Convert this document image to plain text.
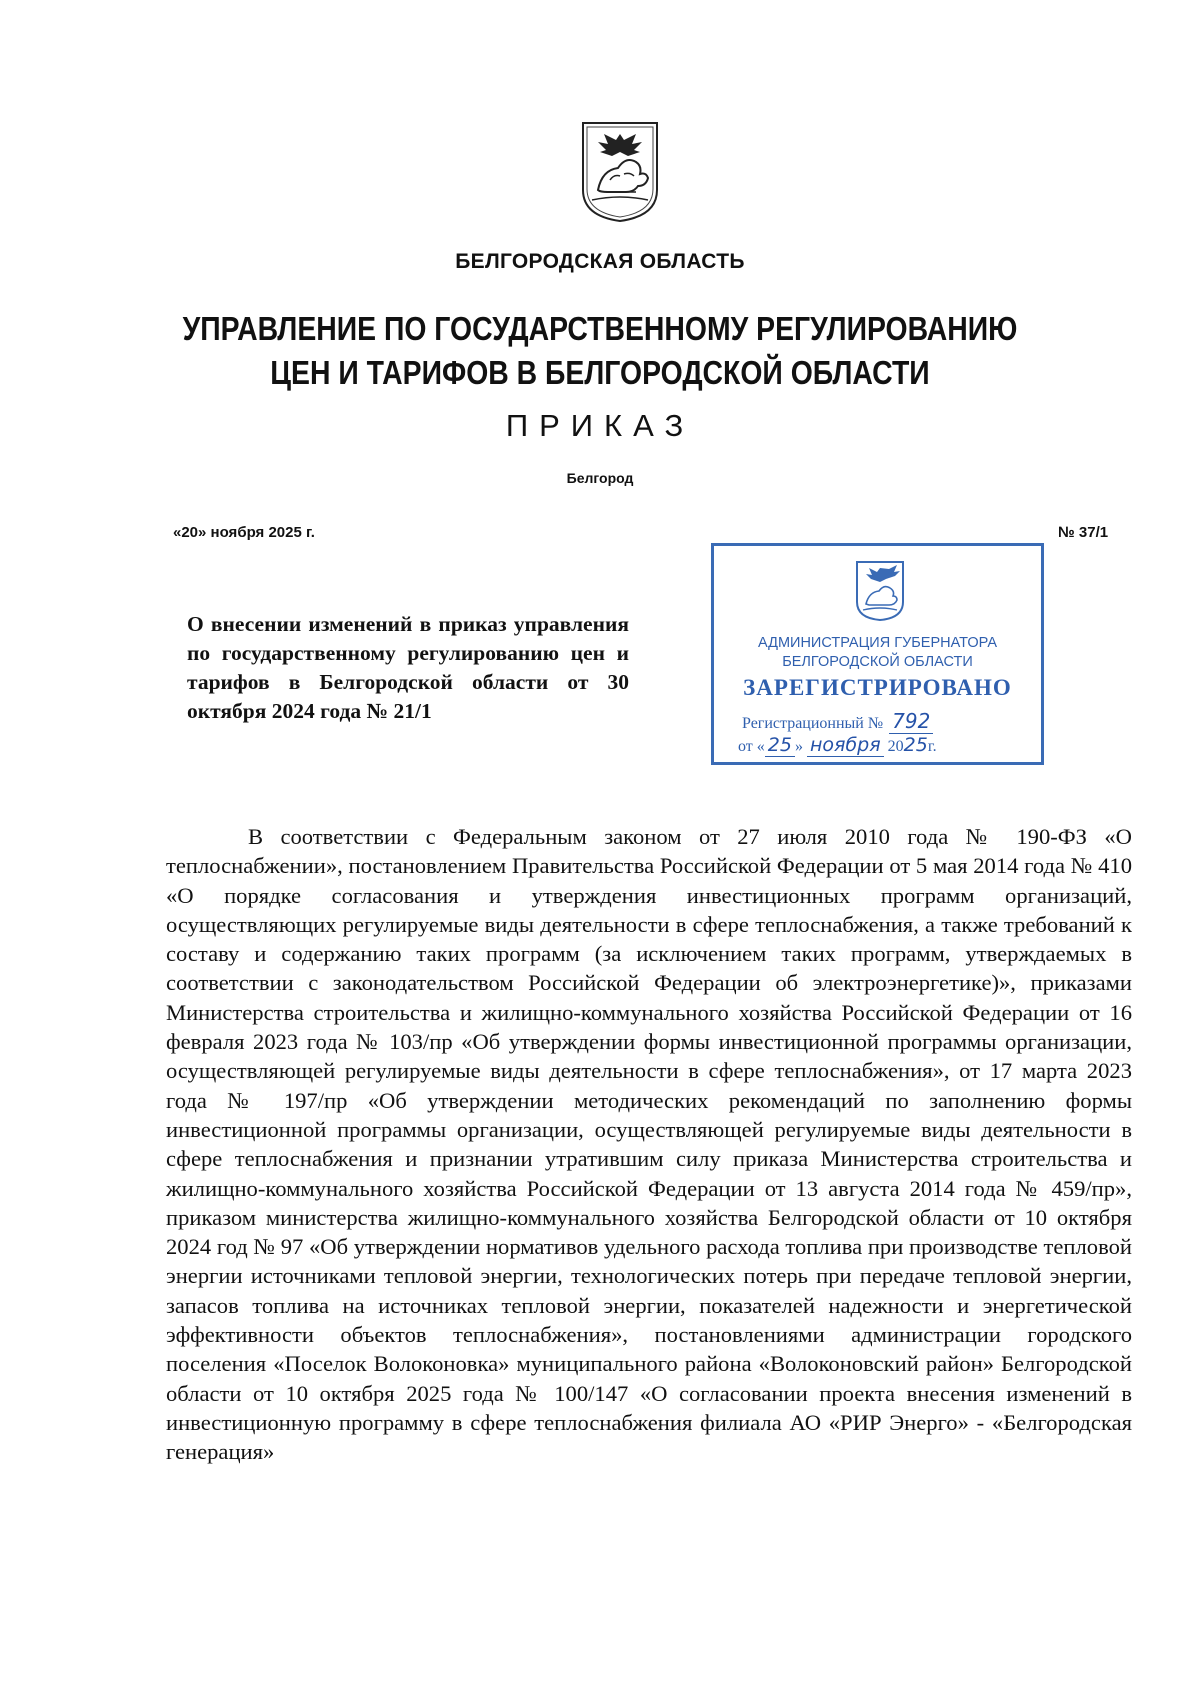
БЕЛГОРОДСКАЯ ОБЛАСТЬ
УПРАВЛЕНИЕ ПО ГОСУДАРСТВЕННОМУ РЕГУЛИРОВАНИЮ
ЦЕН И ТАРИФОВ В БЕЛГОРОДСКОЙ ОБЛАСТИ
ПРИКАЗ
Белгород
«20» ноября 2025 г.	№ 37/1
О внесении изменений в приказ управления по государственному регулированию цен и тарифов в Белгородской области от 30 октября 2024 года № 21/1
АДМИНИСТРАЦИЯ ГУБЕРНАТОРА
БЕЛГОРОДСКОЙ ОБЛАСТИ
ЗАРЕГИСТРИРОВАНО
Регистрационный № 792
от « 25 » ноября 2025г.
В соответствии с Федеральным законом от 27 июля 2010 года № 190-ФЗ «О теплоснабжении», постановлением Правительства Российской Федерации от 5 мая 2014 года № 410 «О порядке согласования и утверждения инвестиционных программ организаций, осуществляющих регулируемые виды деятельности в сфере теплоснабжения, а также требований к составу и содержанию таких программ (за исключением таких программ, утверждаемых в соответствии с законодательством Российской Федерации об электроэнергетике)», приказами Министерства строительства и жилищно-коммунального хозяйства Российской Федерации от 16 февраля 2023 года № 103/пр «Об утверждении формы инвестиционной программы организации, осуществляющей регулируемые виды деятельности в сфере теплоснабжения», от 17 марта 2023 года № 197/пр «Об утверждении методических рекомендаций по заполнению формы инвестиционной программы организации, осуществляющей регулируемые виды деятельности в сфере теплоснабжения и признании утратившим силу приказа Министерства строительства и жилищно-коммунального хозяйства Российской Федерации от 13 августа 2014 года № 459/пр», приказом министерства жилищно-коммунального хозяйства Белгородской области от 10 октября 2024 год № 97 «Об утверждении нормативов удельного расхода топлива при производстве тепловой энергии источниками тепловой энергии, технологических потерь при передаче тепловой энергии, запасов топлива на источниках тепловой энергии, показателей надежности и энергетической эффективности объектов теплоснабжения», постановлениями администрации городского поселения «Поселок Волоконовка» муниципального района «Волоконовский район» Белгородской области от 10 октября 2025 года № 100/147 «О согласовании проекта внесения изменений в инвестиционную программу в сфере теплоснабжения филиала АО «РИР Энерго» - «Белгородская генерация»
